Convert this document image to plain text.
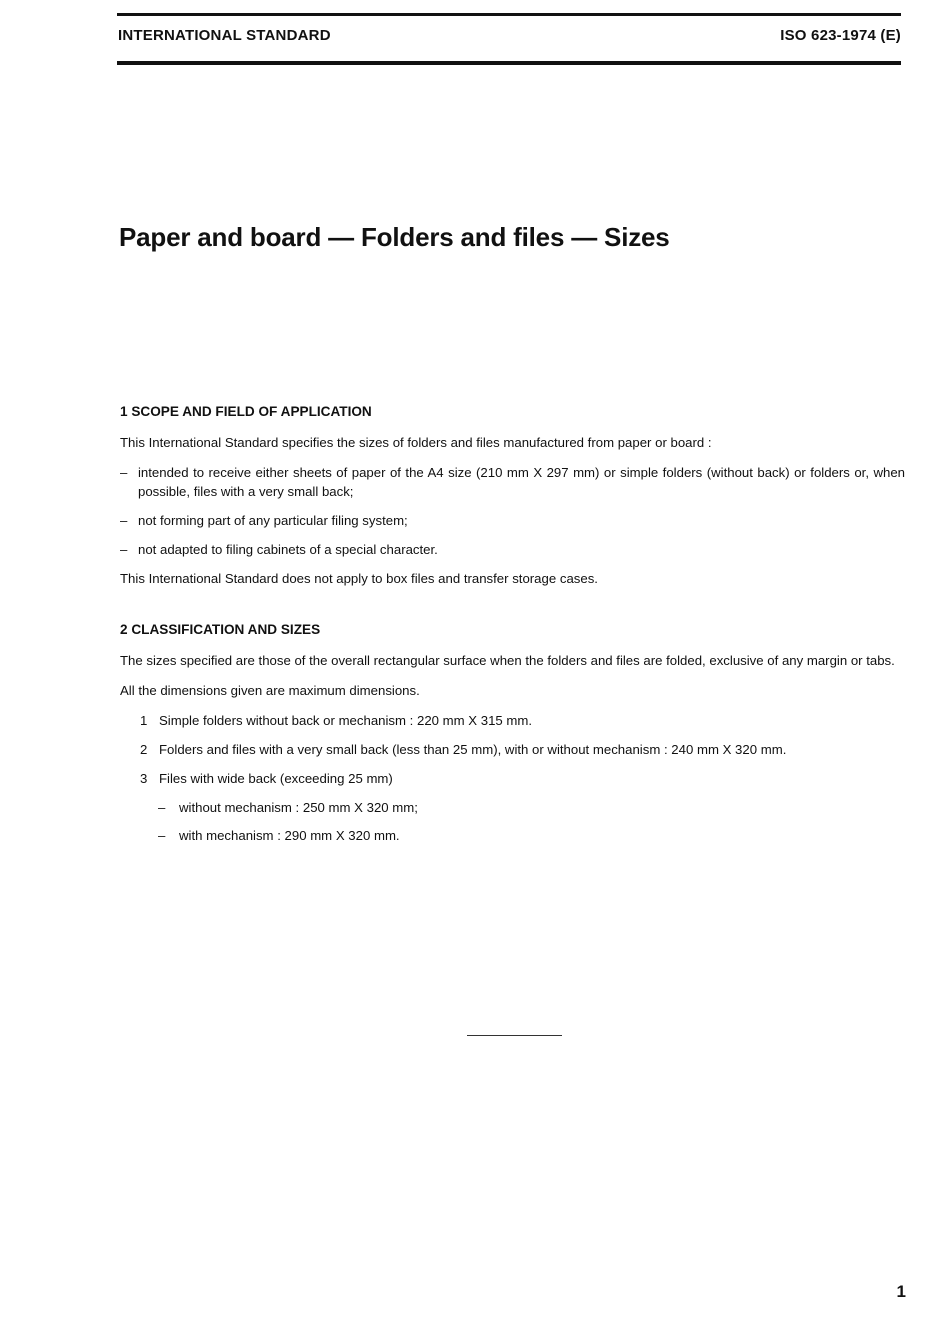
INTERNATIONAL STANDARD	ISO 623-1974 (E)
Paper and board — Folders and files — Sizes
1 SCOPE AND FIELD OF APPLICATION

This International Standard specifies the sizes of folders and files manufactured from paper or board :

– intended to receive either sheets of paper of the A4 size (210 mm X 297 mm) or simple folders (without back) or folders or, when possible, files with a very small back;
– not forming part of any particular filing system;
– not adapted to filing cabinets of a special character.

This International Standard does not apply to box files and transfer storage cases.

2 CLASSIFICATION AND SIZES

The sizes specified are those of the overall rectangular surface when the folders and files are folded, exclusive of any margin or tabs.

All the dimensions given are maximum dimensions.

1 Simple folders without back or mechanism : 220 mm X 315 mm.
2 Folders and files with a very small back (less than 25 mm), with or without mechanism : 240 mm X 320 mm.
3 Files with wide back (exceeding 25 mm)
– without mechanism : 250 mm X 320 mm;
– with mechanism : 290 mm X 320 mm.
1
